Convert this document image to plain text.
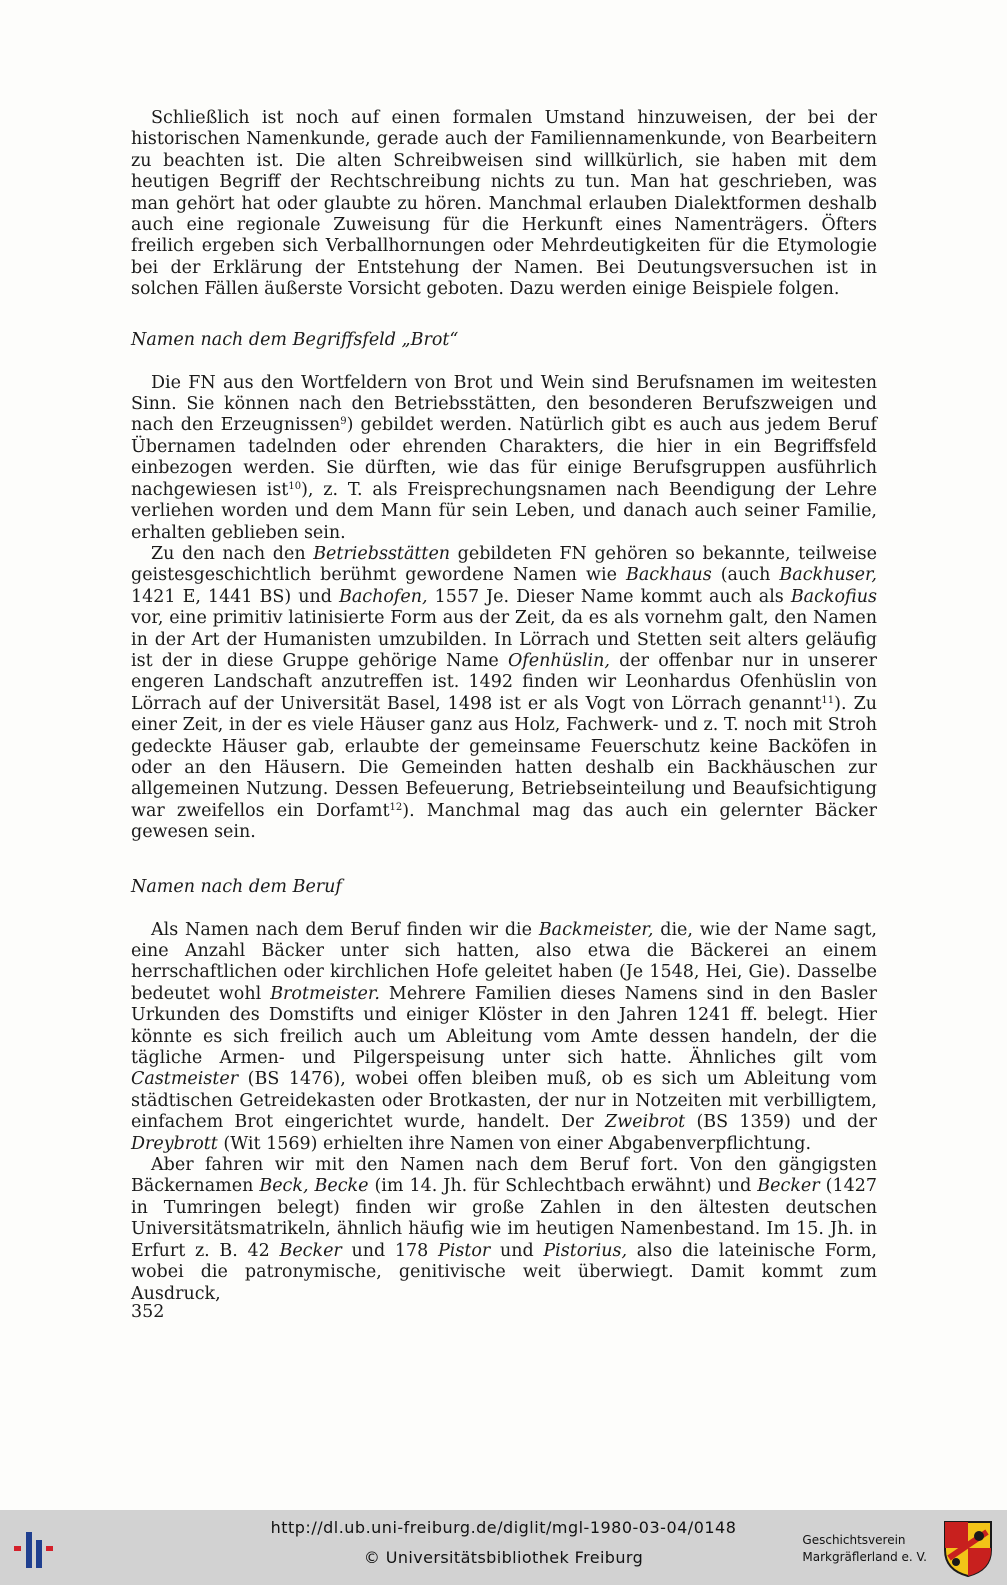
Schließlich ist noch auf einen formalen Umstand hinzuweisen, der bei der historischen Namenkunde, gerade auch der Familiennamenkunde, von Bearbeitern zu beachten ist. Die alten Schreibweisen sind willkürlich, sie haben mit dem heutigen Begriff der Rechtschreibung nichts zu tun. Man hat geschrieben, was man gehört hat oder glaubte zu hören. Manchmal erlauben Dialektformen deshalb auch eine regionale Zuweisung für die Herkunft eines Namenträgers. Öfters freilich ergeben sich Verballhornungen oder Mehrdeutigkeiten für die Etymologie bei der Erklärung der Entstehung der Namen. Bei Deutungsversuchen ist in solchen Fällen äußerste Vorsicht geboten. Dazu werden einige Beispiele folgen.

Namen nach dem Begriffsfeld „Brot“

Die FN aus den Wortfeldern von Brot und Wein sind Berufsnamen im weitesten Sinn. Sie können nach den Betriebsstätten, den besonderen Berufszweigen und nach den Erzeugnissen$^9$) gebildet werden. Natürlich gibt es auch aus jedem Beruf Übernamen tadelnden oder ehrenden Charakters, die hier in ein Begriffsfeld einbezogen werden. Sie dürften, wie das für einige Berufsgruppen ausführlich nachgewiesen ist$^{10}$), z. T. als Freisprechungsnamen nach Beendigung der Lehre verliehen worden und dem Mann für sein Leben, und danach auch seiner Familie, erhalten geblieben sein.

Zu den nach den Betriebsstätten gebildeten FN gehören so bekannte, teilweise geistesgeschichtlich berühmt gewordene Namen wie Backhaus (auch Backhuser, 1421 E, 1441 BS) und Bachofen, 1557 Je. Dieser Name kommt auch als Backofius vor, eine primitiv latinisierte Form aus der Zeit, da es als vornehm galt, den Namen in der Art der Humanisten umzubilden. In Lörrach und Stetten seit alters geläufig ist der in diese Gruppe gehörige Name Ofenhüslin, der offenbar nur in unserer engeren Landschaft anzutreffen ist. 1492 finden wir Leonhardus Ofenhüslin von Lörrach auf der Universität Basel, 1498 ist er als Vogt von Lörrach genannt$^{11}$). Zu einer Zeit, in der es viele Häuser ganz aus Holz, Fachwerk- und z. T. noch mit Stroh gedeckte Häuser gab, erlaubte der gemeinsame Feuerschutz keine Backöfen in oder an den Häusern. Die Gemeinden hatten deshalb ein Backhäuschen zur allgemeinen Nutzung. Dessen Befeuerung, Betriebseinteilung und Beaufsichtigung war zweifellos ein Dorfamt$^{12}$). Manchmal mag das auch ein gelernter Bäcker gewesen sein.

Namen nach dem Beruf

Als Namen nach dem Beruf finden wir die Backmeister, die, wie der Name sagt, eine Anzahl Bäcker unter sich hatten, also etwa die Bäckerei an einem herrschaftlichen oder kirchlichen Hofe geleitet haben (Je 1548, Hei, Gie). Dasselbe bedeutet wohl Brotmeister. Mehrere Familien dieses Namens sind in den Basler Urkunden des Domstifts und einiger Klöster in den Jahren 1241 ff. belegt. Hier könnte es sich freilich auch um Ableitung vom Amte dessen handeln, der die tägliche Armen- und Pilgerspeisung unter sich hatte. Ähnliches gilt vom Castmeister (BS 1476), wobei offen bleiben muß, ob es sich um Ableitung vom städtischen Getreidekasten oder Brotkasten, der nur in Notzeiten mit verbilligtem, einfachem Brot eingerichtet wurde, handelt. Der Zweibrot (BS 1359) und der Dreybrott (Wit 1569) erhielten ihre Namen von einer Abgabenverpflichtung.

Aber fahren wir mit den Namen nach dem Beruf fort. Von den gängigsten Bäckernamen Beck, Becke (im 14. Jh. für Schlechtbach erwähnt) und Becker (1427 in Tumringen belegt) finden wir große Zahlen in den ältesten deutschen Universitätsmatrikeln, ähnlich häufig wie im heutigen Namenbestand. Im 15. Jh. in Erfurt z. B. 42 Becker und 178 Pistor und Pistorius, also die lateinische Form, wobei die patronymische, genitivische weit überwiegt. Damit kommt zum Ausdruck,

352
http://dl.ub.uni-freiburg.de/diglit/mgl-1980-03-04/0148
© Universitätsbibliothek Freiburg
Geschichtsverein
Markgräflerland e. V.
